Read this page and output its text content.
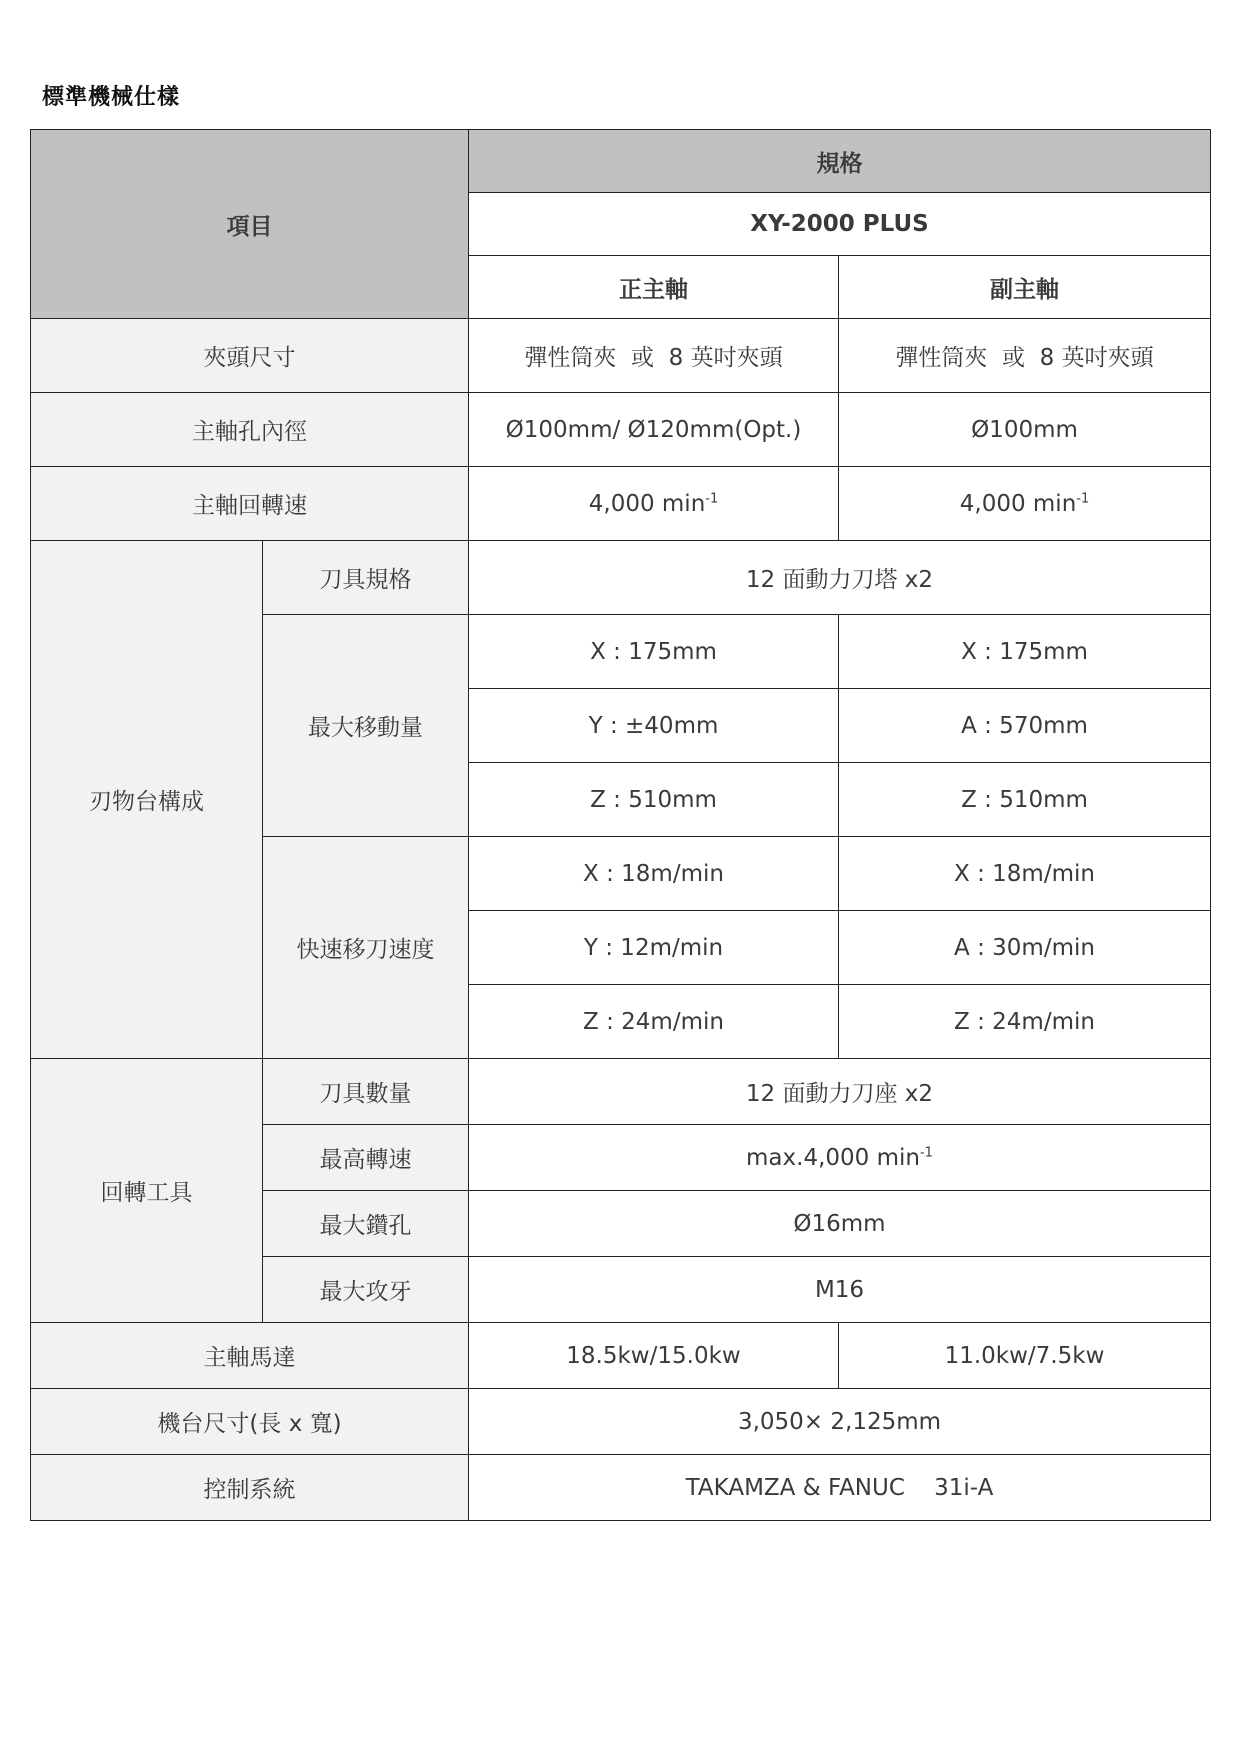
標準機械仕樣
項目		規格	
		XY-2000 PLUS	
		正主軸	副主軸
夾頭尺寸		彈性筒夾  或  8 英吋夾頭	彈性筒夾  或  8 英吋夾頭
主軸孔內徑		Ø100mm/ Ø120mm(Opt.)	Ø100mm
主軸回轉速		4,000 $\min^{-1}$	4,000 $\min^{-1}$
刃物台構成	刀具規格	12 面動力刀塔 x2	
	最大移動量	X : 175mm	X : 175mm
		Y : ±40mm	A : 570mm
		Z : 510mm	Z : 510mm
	快速移刀速度	X : 18m/min	X : 18m/min
		Y : 12m/min	A : 30m/min
		Z : 24m/min	Z : 24m/min
回轉工具	刀具數量	12 面動力刀座 x2	
	最高轉速	max.4,000 $\min^{-1}$
	最大鑽孔	Ø16mm	
	最大攻牙	M16	
主軸馬達		18.5kw/15.0kw	11.0kw/7.5kw
機台尺寸(長 x 寬)		3,050× 2,125mm	
控制系統		TAKAMZA & FANUC    31i-A	
